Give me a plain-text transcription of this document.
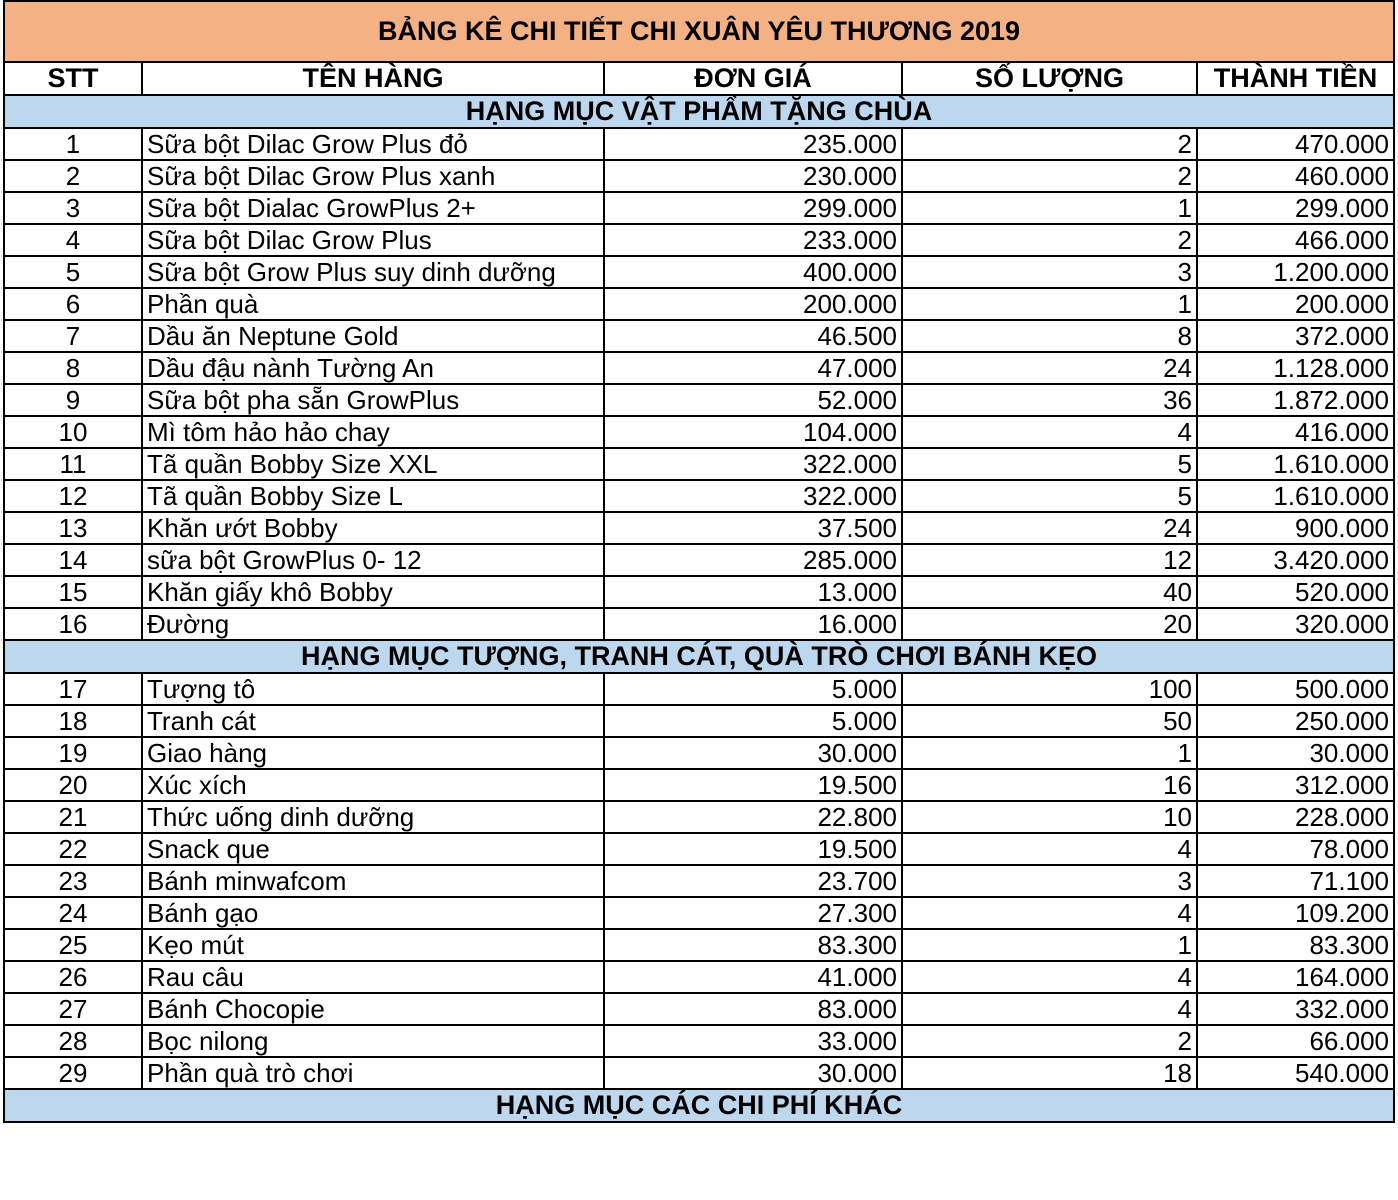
BẢNG KÊ CHI TIẾT CHI XUÂN YÊU THƯƠNG 2019				
STT	TÊN HÀNG	ĐƠN GIÁ	SỐ LƯỢNG	THÀNH TIỀN
HẠNG MỤC VẬT PHẨM TẶNG CHÙA				
1	Sữa bột Dilac Grow Plus đỏ	235.000	2	470.000
2	Sữa bột Dilac Grow Plus xanh	230.000	2	460.000
3	Sữa bột Dialac GrowPlus 2+	299.000	1	299.000
4	Sữa bột Dilac Grow Plus	233.000	2	466.000
5	Sữa bột Grow Plus suy dinh dưỡng	400.000	3	1.200.000
6	Phần quà	200.000	1	200.000
7	Dầu ăn Neptune Gold	46.500	8	372.000
8	Dầu đậu nành Tường An	47.000	24	1.128.000
9	Sữa bột pha sẵn GrowPlus	52.000	36	1.872.000
10	Mì tôm hảo hảo chay	104.000	4	416.000
11	Tã quần Bobby Size XXL	322.000	5	1.610.000
12	Tã quần Bobby Size L	322.000	5	1.610.000
13	Khăn ướt Bobby	37.500	24	900.000
14	sữa bột GrowPlus 0- 12	285.000	12	3.420.000
15	Khăn giấy khô Bobby	13.000	40	520.000
16	Đường	16.000	20	320.000
HẠNG MỤC TƯỢNG, TRANH CÁT, QUÀ TRÒ CHƠI BÁNH KẸO				
17	Tượng tô	5.000	100	500.000
18	Tranh cát	5.000	50	250.000
19	Giao hàng	30.000	1	30.000
20	Xúc xích	19.500	16	312.000
21	Thức uống dinh dưỡng	22.800	10	228.000
22	Snack que	19.500	4	78.000
23	Bánh minwafcom	23.700	3	71.100
24	Bánh gạo	27.300	4	109.200
25	Kẹo mút	83.300	1	83.300
26	Rau câu	41.000	4	164.000
27	Bánh Chocopie	83.000	4	332.000
28	Bọc nilong	33.000	2	66.000
29	Phần quà trò chơi	30.000	18	540.000
HẠNG MỤC CÁC CHI PHÍ KHÁC				
